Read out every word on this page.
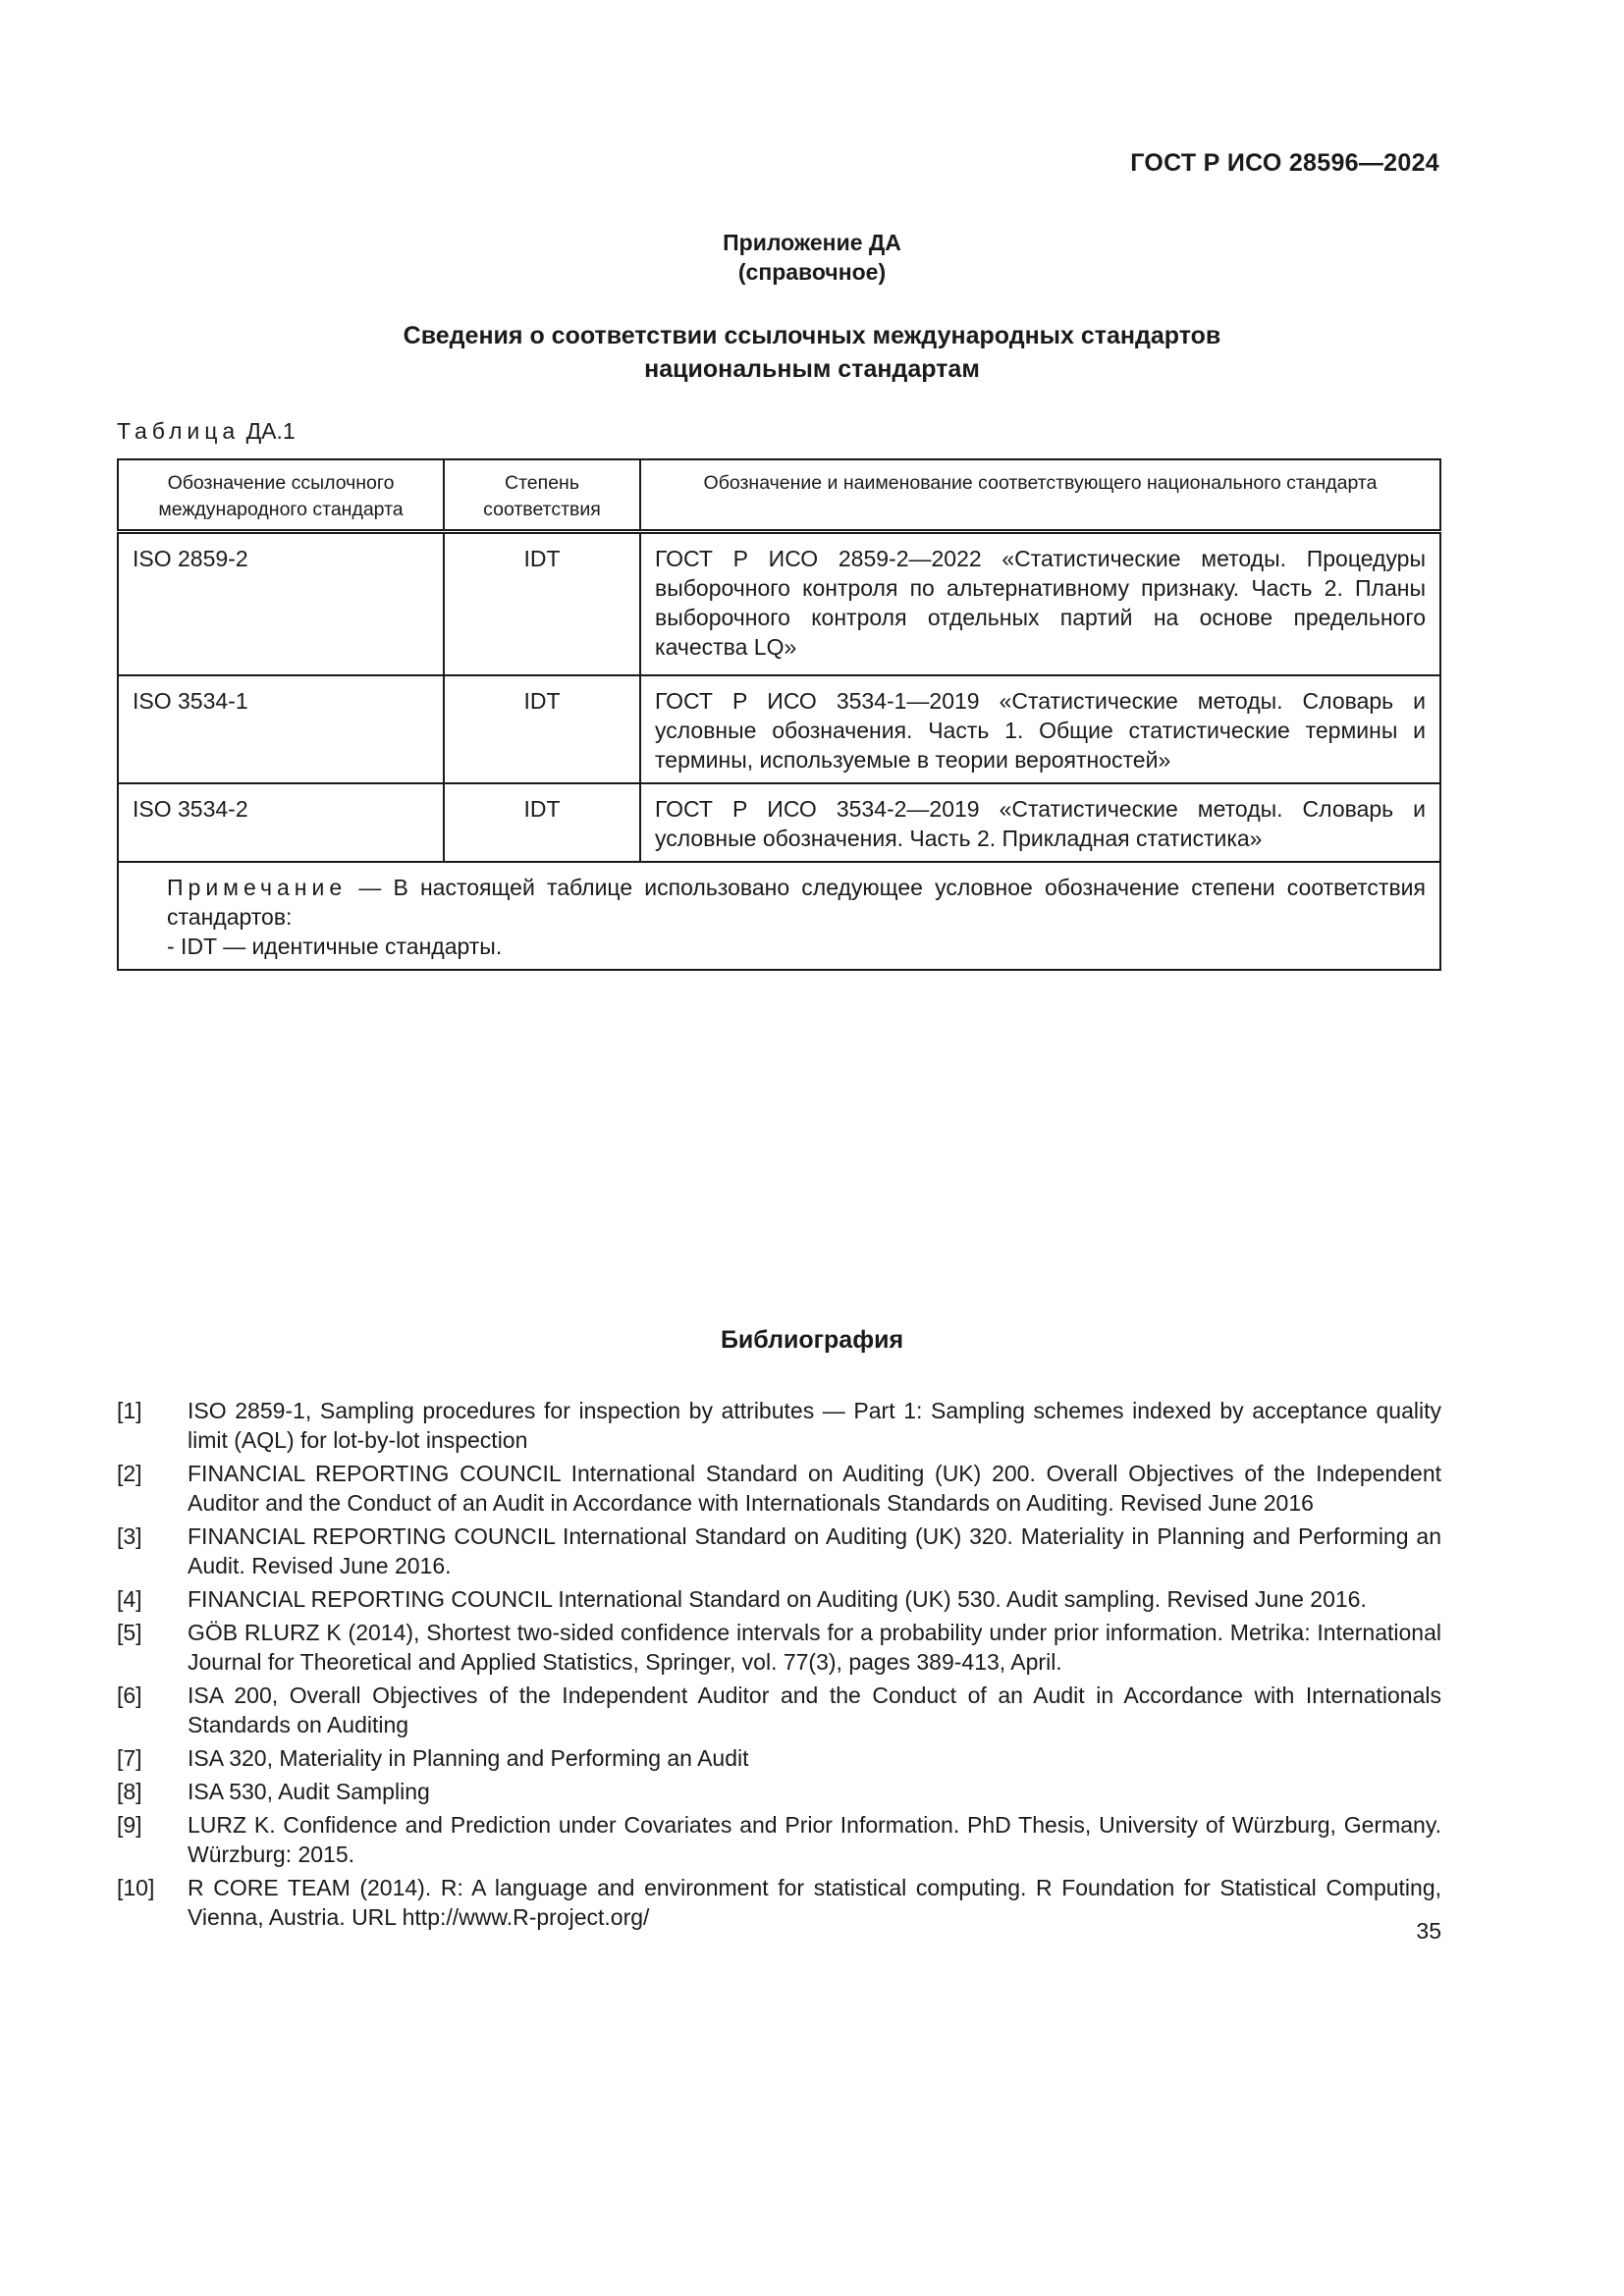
ГОСТ Р ИСО 28596—2024
Приложение ДА
(справочное)
Сведения о соответствии ссылочных международных стандартов
национальным стандартам
Таблица ДА.1
Обозначение ссылочного международного стандарта	Степень соответствия	Обозначение и наименование соответствующего национального стандарта
ISO 2859-2	IDT	ГОСТ Р ИСО 2859-2—2022 «Статистические методы. Процедуры выборочного контроля по альтернативному признаку. Часть 2. Планы выборочного контроля отдельных партий на основе предельного качества LQ»
ISO 3534-1	IDT	ГОСТ Р ИСО 3534-1—2019 «Статистические методы. Словарь и условные обозначения. Часть 1. Общие статистические термины и термины, используемые в теории вероятностей»
ISO 3534-2	IDT	ГОСТ Р ИСО 3534-2—2019 «Статистические методы. Словарь и условные обозначения. Часть 2. Прикладная статистика»

Примечание — В настоящей таблице использовано следующее условное обозначение степени соответствия стандартов:
- IDT — идентичные стандарты.		
Библиография
[1]	ISO 2859-1, Sampling procedures for inspection by attributes — Part 1: Sampling schemes indexed by acceptance quality limit (AQL) for lot-by-lot inspection
[2]	FINANCIAL REPORTING COUNCIL International Standard on Auditing (UK) 200. Overall Objectives of the Independent Auditor and the Conduct of an Audit in Accordance with Internationals Standards on Auditing. Revised June 2016
[3]	FINANCIAL REPORTING COUNCIL International Standard on Auditing (UK) 320. Materiality in Planning and Performing an Audit. Revised June 2016.
[4]	FINANCIAL REPORTING COUNCIL International Standard on Auditing (UK) 530. Audit sampling. Revised June 2016.
[5]	GÖB RLURZ K (2014), Shortest two-sided confidence intervals for a probability under prior information. Metrika: International Journal for Theoretical and Applied Statistics, Springer, vol. 77(3), pages 389-413, April.
[6]	ISA 200, Overall Objectives of the Independent Auditor and the Conduct of an Audit in Accordance with Internationals Standards on Auditing
[7]	ISA 320, Materiality in Planning and Performing an Audit
[8]	ISA 530, Audit Sampling
[9]	LURZ K. Confidence and Prediction under Covariates and Prior Information. PhD Thesis, University of Würzburg, Germany. Würzburg: 2015.
[10]	R CORE TEAM (2014). R: A language and environment for statistical computing. R Foundation for Statistical Computing, Vienna, Austria. URL http://www.R-project.org/
35
